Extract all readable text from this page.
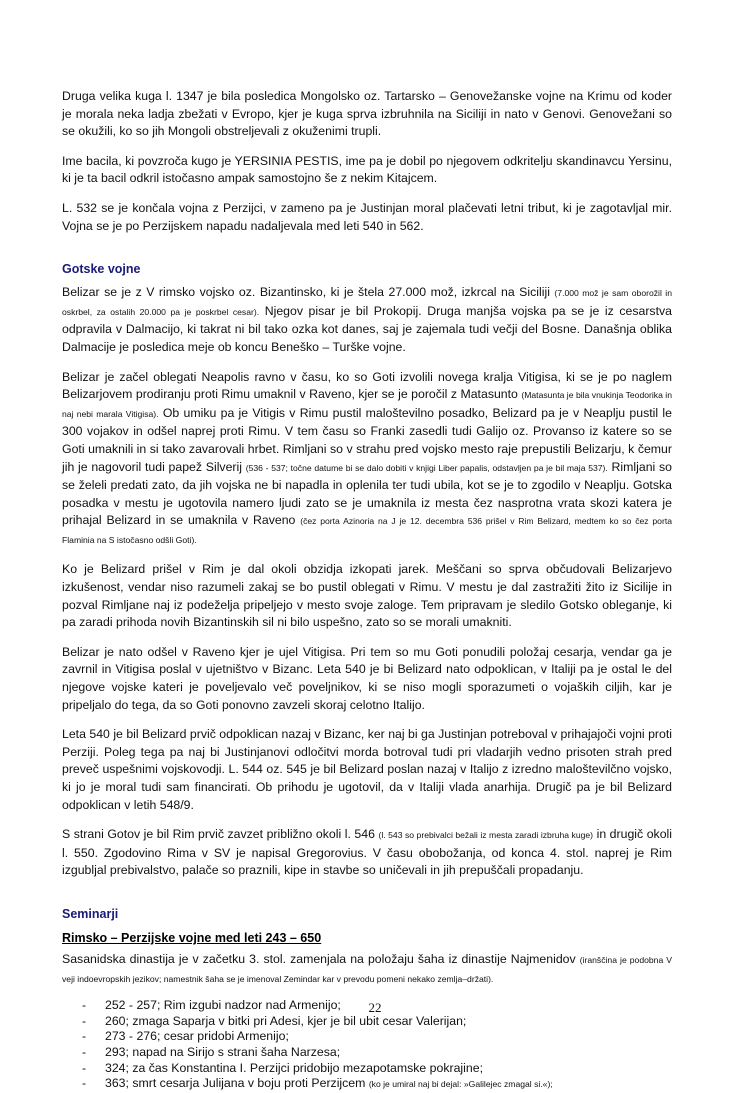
Druga velika kuga l. 1347 je bila posledica Mongolsko oz. Tartarsko – Genovežanske vojne na Krimu od koder je morala neka ladja zbežati v Evropo, kjer je kuga sprva izbruhnila na Siciliji in nato v Genovi. Genovežani so se okužili, ko so jih Mongoli obstreljevali z okuženimi trupli.

Ime bacila, ki povzroča kugo je YERSINIA PESTIS, ime pa je dobil po njegovem odkritelju skandinavcu Yersinu, ki je ta bacil odkril istočasno ampak samostojno še z nekim Kitajcem.

L. 532 se je končala vojna z Perzijci, v zameno pa je Justinjan moral plačevati letni tribut, ki je zagotavljal mir. Vojna se je po Perzijskem napadu nadaljevala med leti 540 in 562.

Gotske vojne

Belizar se je z V rimsko vojsko oz. Bizantinsko, ki je štela 27.000 mož, izkrcal na Siciliji (7.000 mož je sam oborožil in oskrbel, za ostalih 20.000 pa je poskrbel cesar). Njegov pisar je bil Prokopij. Druga manjša vojska pa se je iz cesarstva odpravila v Dalmacijo, ki takrat ni bil tako ozka kot danes, saj je zajemala tudi večji del Bosne. Današnja oblika Dalmacije je posledica meje ob koncu Beneško – Turške vojne.

Belizar je začel oblegati Neapolis ravno v času, ko so Goti izvolili novega kralja Vitigisa, ki se je po naglem Belizarjovem prodiranju proti Rimu umaknil v Raveno, kjer se je poročil z Matasunto (Matasunta je bila vnukinja Teodorika in naj nebi marala Vitigisa). Ob umiku pa je Vitigis v Rimu pustil maloštevilno posadko, Belizard pa je v Neaplju pustil le 300 vojakov in odšel naprej proti Rimu. V tem času so Franki zasedli tudi Galijo oz. Provanso iz katere so se Goti umaknili in si tako zavarovali hrbet. Rimljani so v strahu pred vojsko mesto raje prepustili Belizarju, k čemur jih je nagovoril tudi papež Silverij (536 - 537; točne datume bi se dalo dobiti v knjigi Liber papalis, odstavljen pa je bil maja 537). Rimljani so se želeli predati zato, da jih vojska ne bi napadla in oplenila ter tudi ubila, kot se je to zgodilo v Neaplju. Gotska posadka v mestu je ugotovila namero ljudi zato se je umaknila iz mesta čez nasprotna vrata skozi katera je prihajal Belizard in se umaknila v Raveno (čez porta Azinoria na J je 12. decembra 536 prišel v Rim Belizard, medtem ko so čez porta Flaminia na S istočasno odšli Goti).

Ko je Belizard prišel v Rim je dal okoli obzidja izkopati jarek. Meščani so sprva občudovali Belizarjevo izkušenost, vendar niso razumeli zakaj se bo pustil oblegati v Rimu. V mestu je dal zastražiti žito iz Sicilije in pozval Rimljane naj iz podeželja pripeljejo v mesto svoje zaloge. Tem pripravam je sledilo Gotsko obleganje, ki pa zaradi prihoda novih Bizantinskih sil ni bilo uspešno, zato so se morali umakniti.

Belizar je nato odšel v Raveno kjer je ujel Vitigisa. Pri tem so mu Goti ponudili položaj cesarja, vendar ga je zavrnil in Vitigisa poslal v ujetništvo v Bizanc. Leta 540 je bi Belizard nato odpoklican, v Italiji pa je ostal le del njegove vojske kateri je poveljevalo več poveljnikov, ki se niso mogli sporazumeti o vojaških ciljih, kar je pripeljalo do tega, da so Goti ponovno zavzeli skoraj celotno Italijo.

Leta 540 je bil Belizard prvič odpoklican nazaj v Bizanc, ker naj bi ga Justinjan potreboval v prihajajoči vojni proti Perziji. Poleg tega pa naj bi Justinjanovi odločitvi morda botroval tudi pri vladarjih vedno prisoten strah pred preveč uspešnimi vojskovodji. L. 544 oz. 545 je bil Belizard poslan nazaj v Italijo z izredno maloštevilčno vojsko, ki jo je moral tudi sam financirati. Ob prihodu je ugotovil, da v Italiji vlada anarhija. Drugič pa je bil Belizard odpoklican v letih 548/9.

S strani Gotov je bil Rim prvič zavzet približno okoli l. 546 (l. 543 so prebivalci bežali iz mesta zaradi izbruha kuge) in drugič okoli l. 550. Zgodovino Rima v SV je napisal Gregorovius. V času obobožanja, od konca 4. stol. naprej je Rim izgubljal prebivalstvo, palače so praznili, kipe in stavbe so uničevali in jih prepuščali propadanju.

Seminarji
Rimsko – Perzijske vojne med leti 243 – 650

Sasanidska dinastija je v začetku 3. stol. zamenjala na položaju šaha iz dinastije Najmenidov (iranščina je podobna V veji indoevropskih jezikov; namestnik šaha se je imenoval Zemindar kar v prevodu pomeni nekako zemlja–držati).

- 252 - 257; Rim izgubi nadzor nad Armenijo;
- 260; zmaga Saparja v bitki pri Adesi, kjer je bil ubit cesar Valerijan;
- 273 - 276; cesar pridobi Armenijo;
- 293; napad na Sirijo s strani šaha Narzesa;
- 324; za čas Konstantina I. Perzijci pridobijo mezapotamske pokrajine;
- 363; smrt cesarja Julijana v boju proti Perzijcem (ko je umiral naj bi dejal: »Galilejec zmagal si.«);
22
